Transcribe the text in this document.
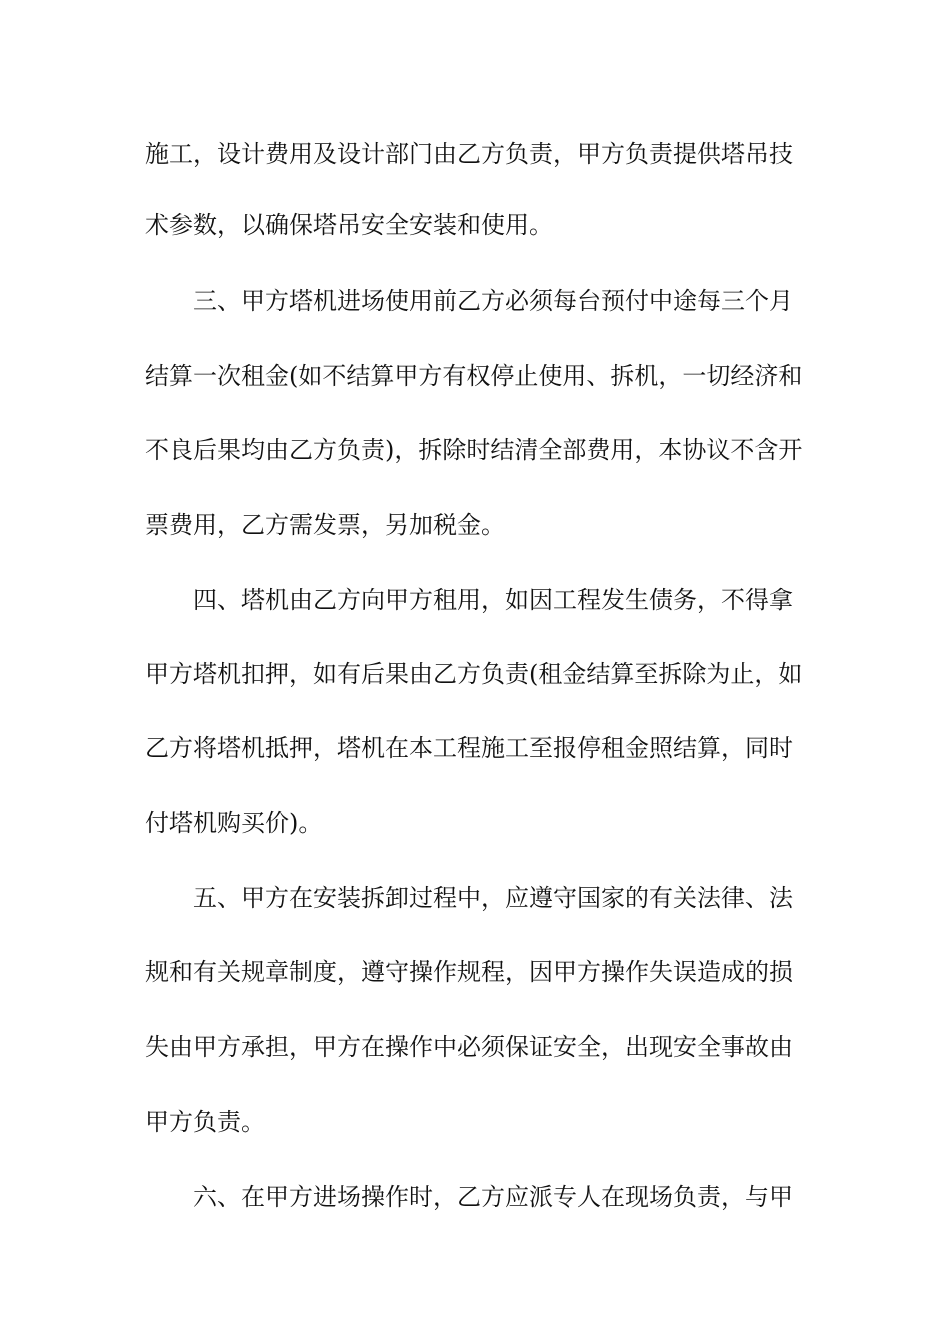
施工，设计费用及设计部门由乙方负责，甲方负责提供塔吊技

术参数，以确保塔吊安全安装和使用。

三、甲方塔机进场使用前乙方必须每台预付中途每三个月

结算一次租金(如不结算甲方有权停止使用、拆机，一切经济和

不良后果均由乙方负责)，拆除时结清全部费用，本协议不含开

票费用，乙方需发票，另加税金。

四、塔机由乙方向甲方租用，如因工程发生债务，不得拿

甲方塔机扣押，如有后果由乙方负责(租金结算至拆除为止，如

乙方将塔机抵押，塔机在本工程施工至报停租金照结算，同时

付塔机购买价)。

五、甲方在安装拆卸过程中，应遵守国家的有关法律、法

规和有关规章制度，遵守操作规程，因甲方操作失误造成的损

失由甲方承担，甲方在操作中必须保证安全，出现安全事故由

甲方负责。

六、在甲方进场操作时，乙方应派专人在现场负责，与甲
